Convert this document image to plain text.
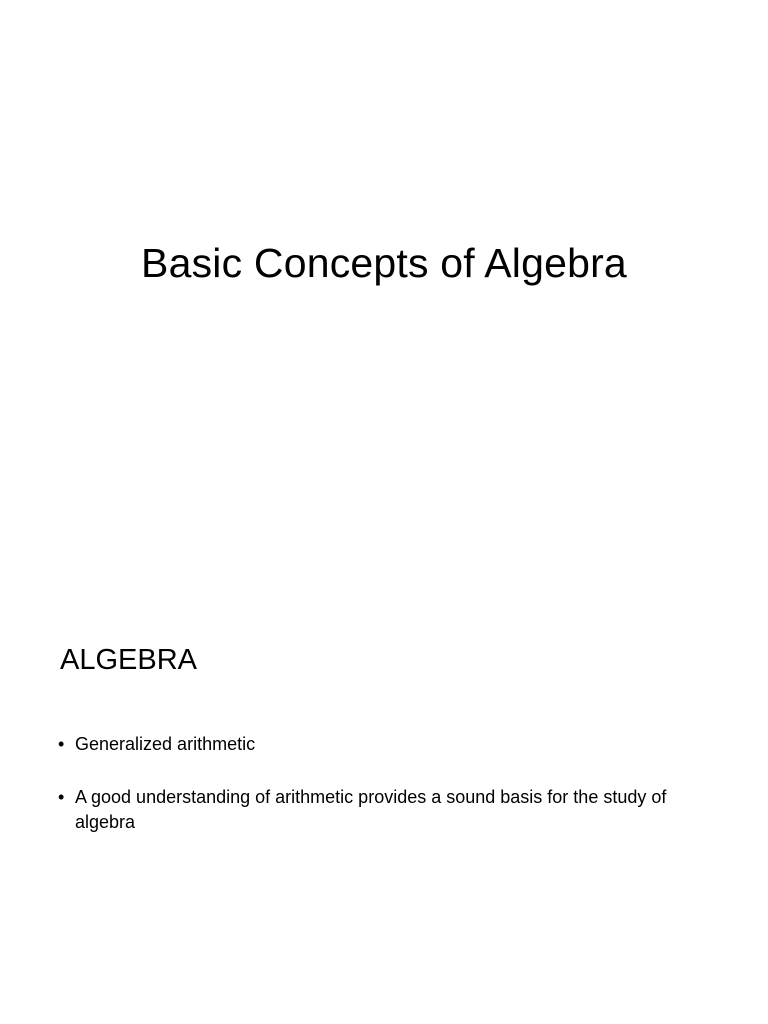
Basic Concepts of Algebra
ALGEBRA
• Generalized arithmetic
• A good understanding of arithmetic provides a sound basis for the study of algebra
